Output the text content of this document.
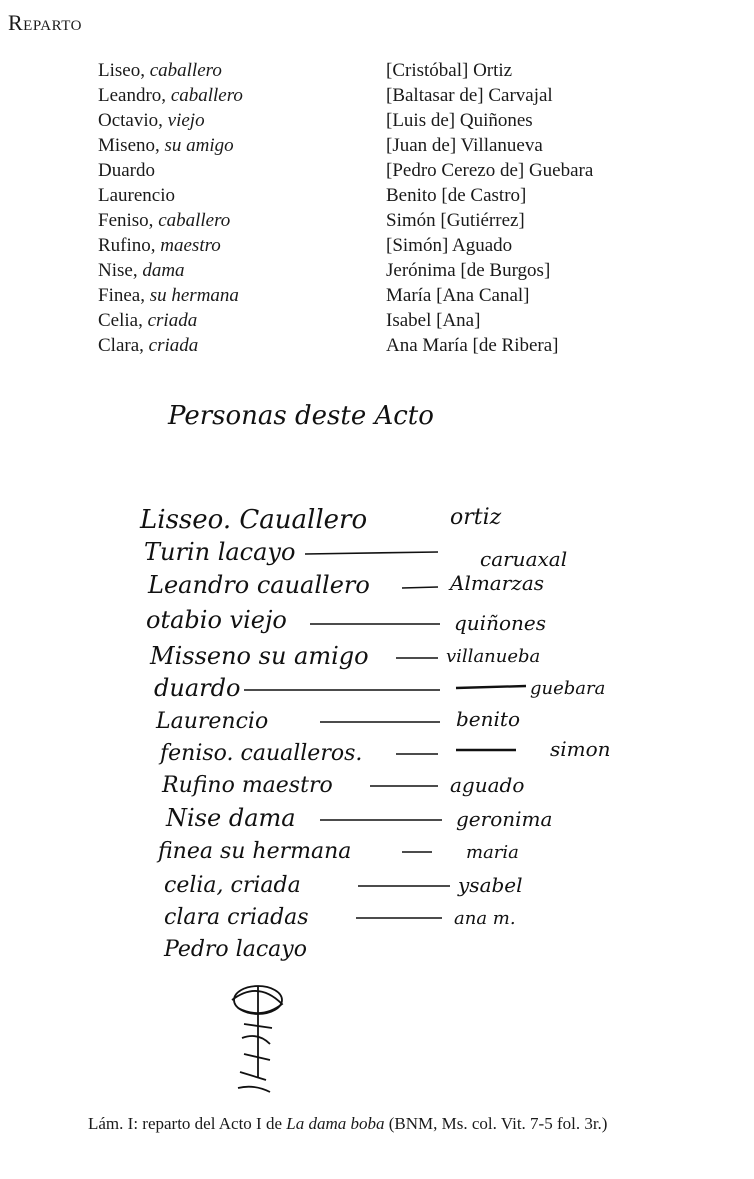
Reparto
Liseo, caballero	[Cristóbal] Ortiz
Leandro, caballero	[Baltasar de] Carvajal
Octavio, viejo	[Luis de] Quiñones
Miseno, su amigo	[Juan de] Villanueva
Duardo	[Pedro Cerezo de] Guebara
Laurencio	Benito [de Castro]
Feniso, caballero	Simón [Gutiérrez]
Rufino, maestro	[Simón] Aguado
Nise, dama	Jerónima [de Burgos]
Finea, su hermana	María [Ana Canal]
Celia, criada	Isabel [Ana]
Clara, criada	Ana María [de Ribera]
Personas deste Acto
Lisseo. Cauallero	ortiz
Turin lacayo	caruaxal
Leandro cauallero	Almarzas
otabio viejo	quiñones
Misseno su amigo	villanueba
duardo	guebara
Laurencio	benito
feniso. caualleros.	simon
Rufino maestro	aguado
Nise dama	geronima
finea su hermana	maria
celia, criada	ysabel
clara criadas	ana m.
Pedro lacayo
Lám. I: reparto del Acto I de La dama boba (BNM, Ms. col. Vit. 7-5 fol. 3r.)
